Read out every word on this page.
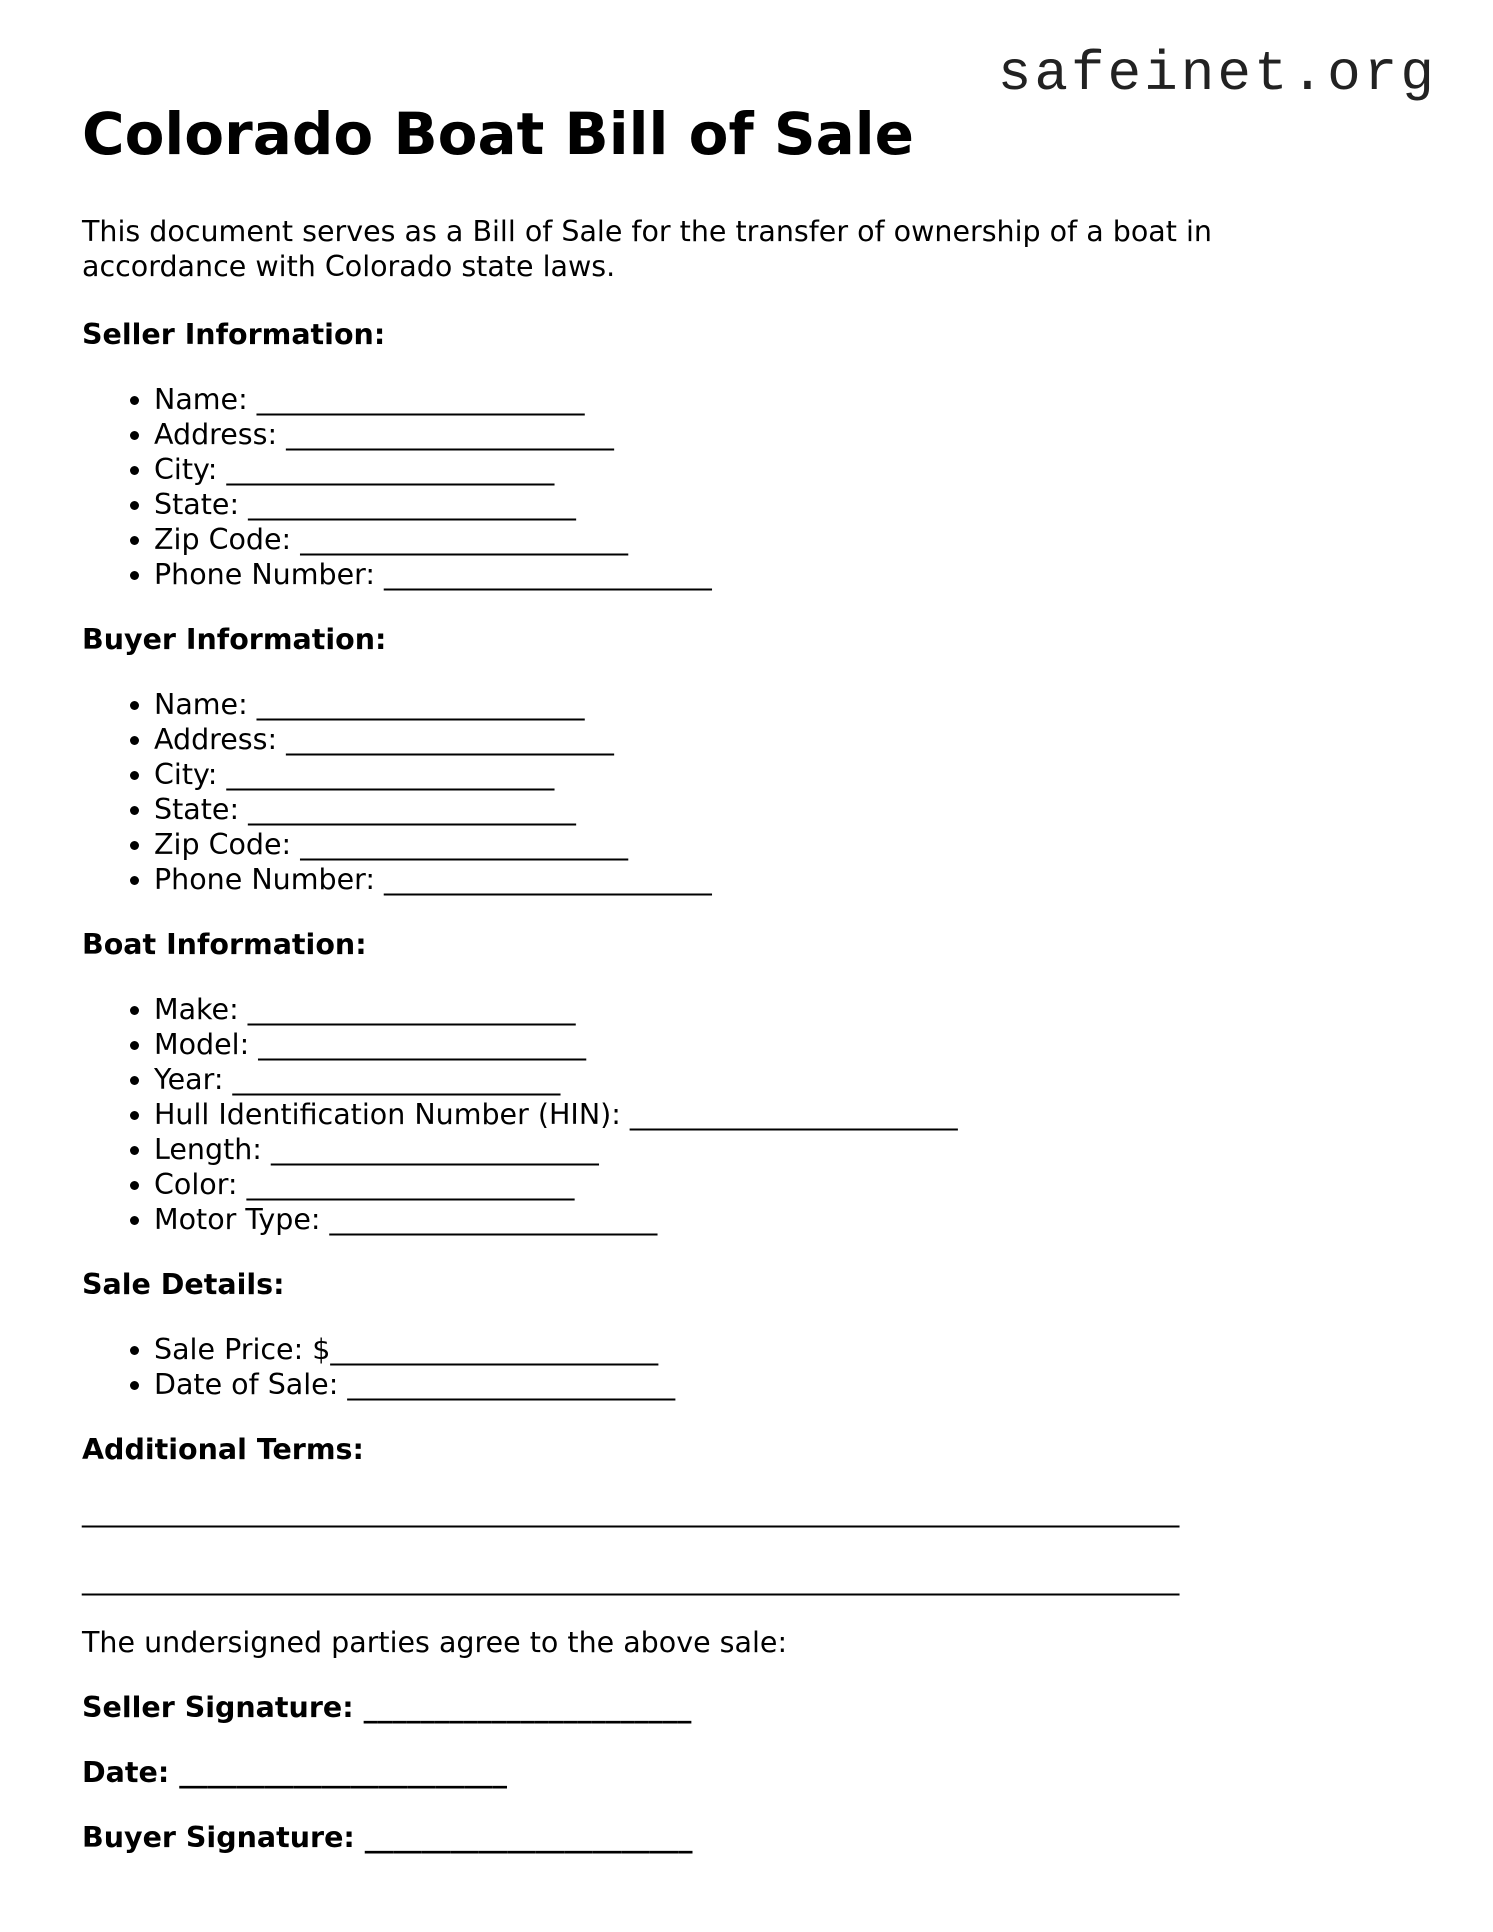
safeinet.org
Colorado Boat Bill of Sale

This document serves as a Bill of Sale for the transfer of ownership of a boat in accordance with Colorado state laws.

Seller Information:
• Name: _______________________
• Address: _______________________
• City: _______________________
• State: _______________________
• Zip Code: _______________________
• Phone Number: _______________________
Buyer Information:
• Name: _______________________
• Address: _______________________
• City: _______________________
• State: _______________________
• Zip Code: _______________________
• Phone Number: _______________________
Boat Information:
• Make: _______________________
• Model: _______________________
• Year: _______________________
• Hull Identification Number (HIN): _______________________
• Length: _______________________
• Color: _______________________
• Motor Type: _______________________
Sale Details:
• Sale Price: $_______________________
• Date of Sale: _______________________
Additional Terms:
_____________________________________________________________________________
_____________________________________________________________________________

The undersigned parties agree to the above sale:

Seller Signature: _______________________
Date: _______________________
Buyer Signature: _______________________
